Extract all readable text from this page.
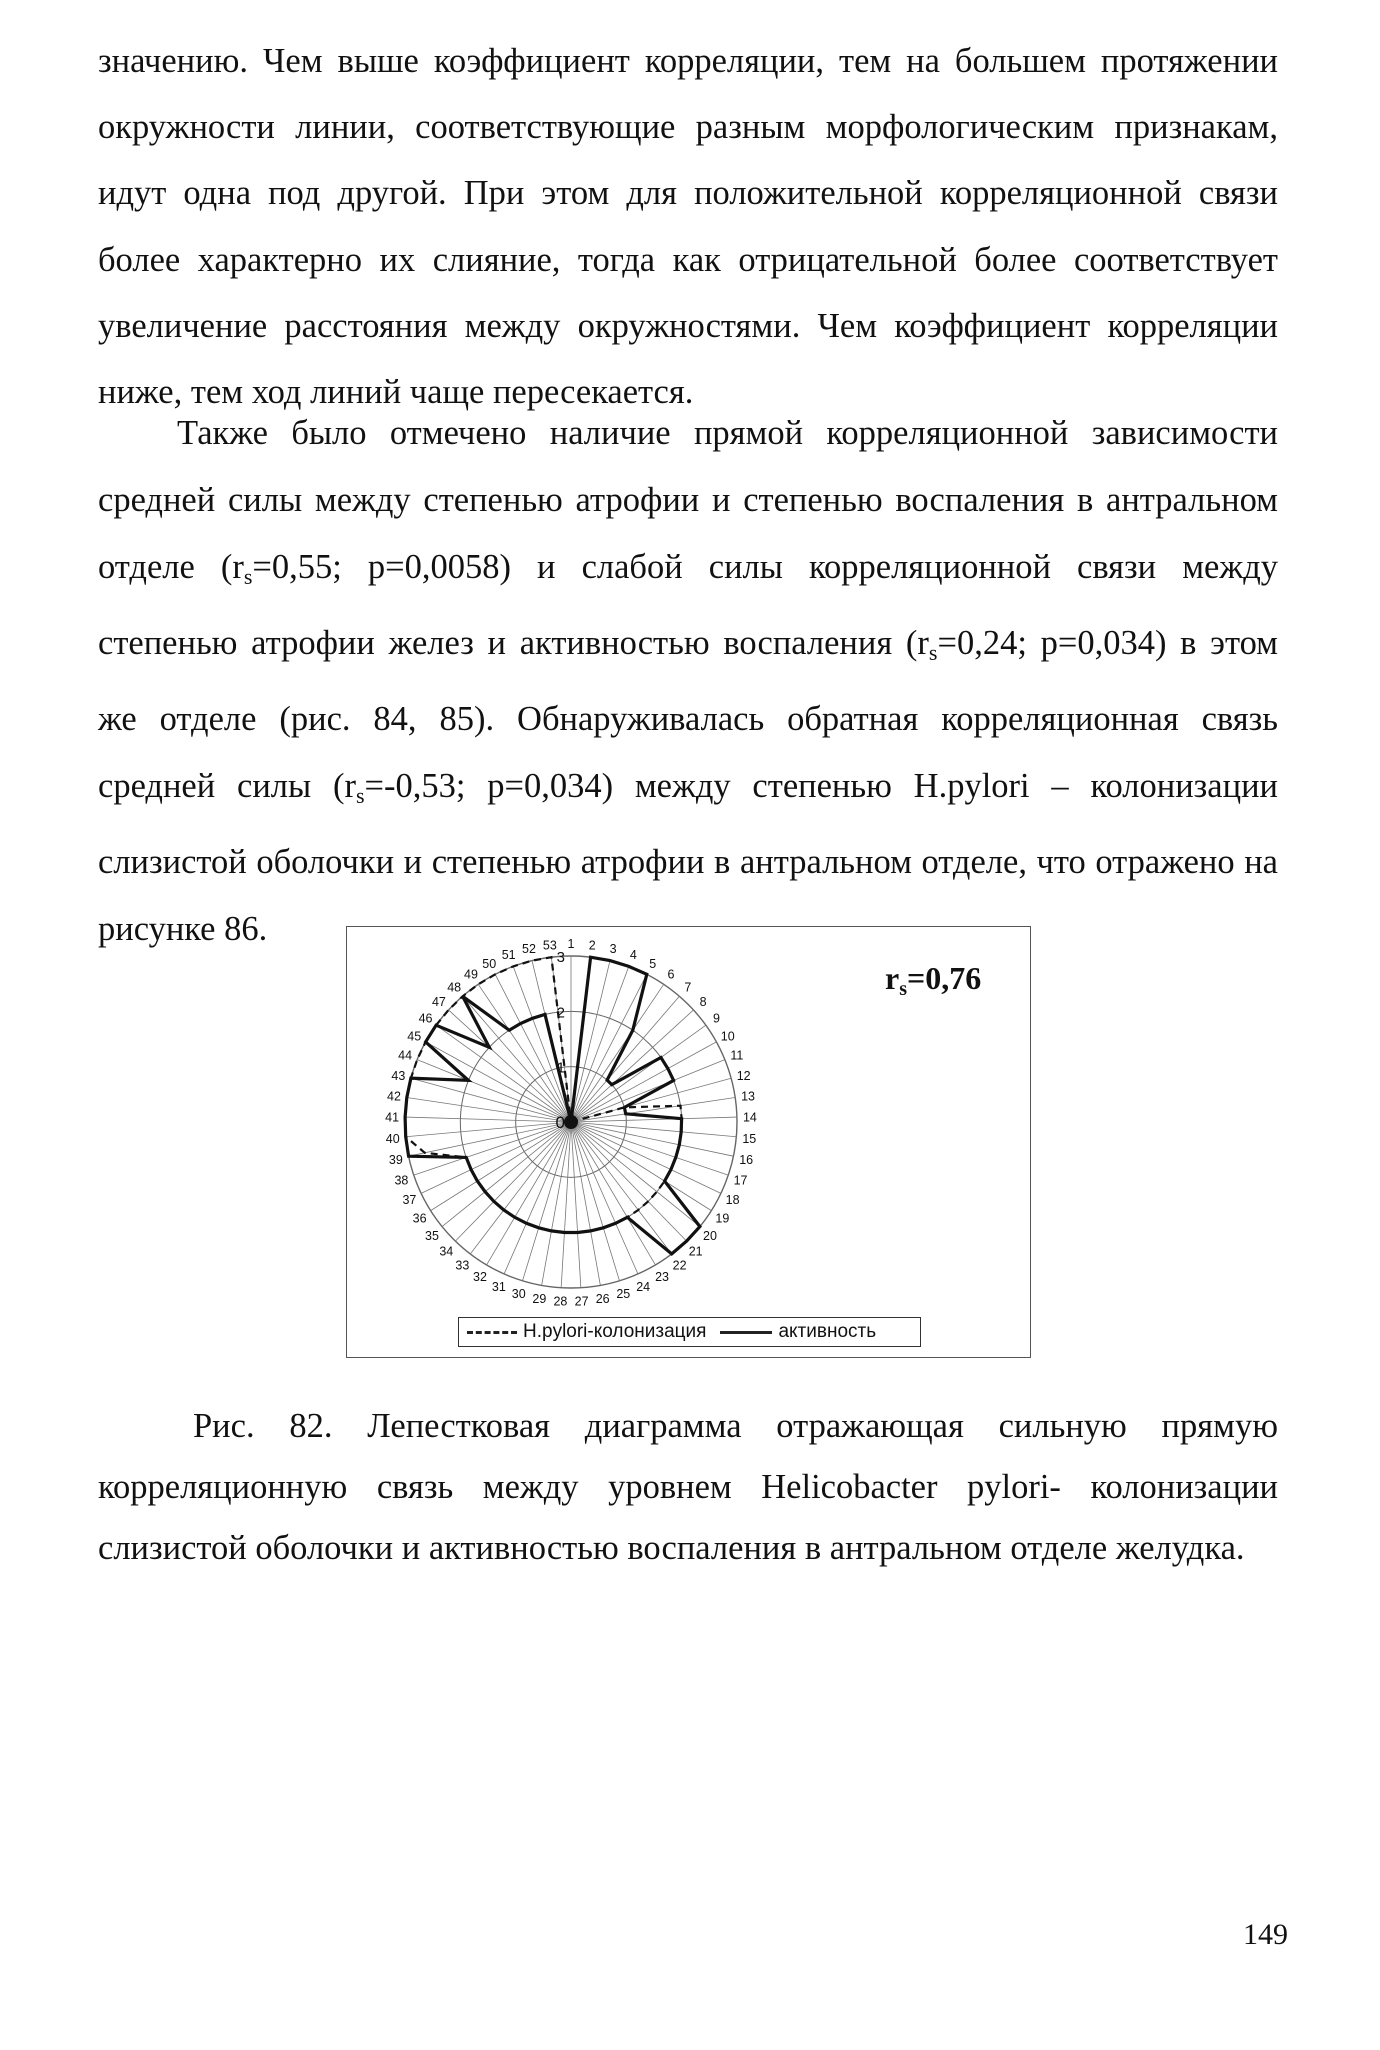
значению. Чем выше коэффициент корреляции, тем на большем протяжении окружности линии, соответствующие разным морфологическим признакам, идут одна под другой. При этом для положительной корреляционной связи более характерно их слияние, тогда как отрицательной более соответствует увеличение расстояния между окружностями. Чем коэффициент корреляции ниже, тем ход линий чаще пересекается.

Также было отмечено наличие прямой корреляционной зависимости средней силы между степенью атрофии и степенью воспаления в антральном отделе ($r_s=0,55$; p=0,0058) и слабой силы корреляционной связи между степенью атрофии желез и активностью воспаления ($r_s=0,24$; p=0,034) в этом же отделе (рис. 84, 85). Обнаруживалась обратная корреляционная связь средней силы ($r_s=-0,53$; p=0,034) между степенью H.pylori – колонизации слизистой оболочки и степенью атрофии в антральном отделе, что отражено на рисунке 86.

0
1
2
3
1 2 3 4
5
6
7
8
9
10
11
12
13
14
15
16
17
18
19
20
21
22
23
24
25
26
27
28
29
30
31
32
33
34
35
36
37
38
39
40
41
42
43
44
45
46
47
48
49
50
51 52 53
$r_s=0,76$
H.pylori-колонизация	активность

Рис. 82. Лепестковая диаграмма отражающая сильную прямую корреляционную связь между уровнем Helicobacter pylori- колонизации слизистой оболочки и активностью воспаления в антральном отделе желудка.

149
